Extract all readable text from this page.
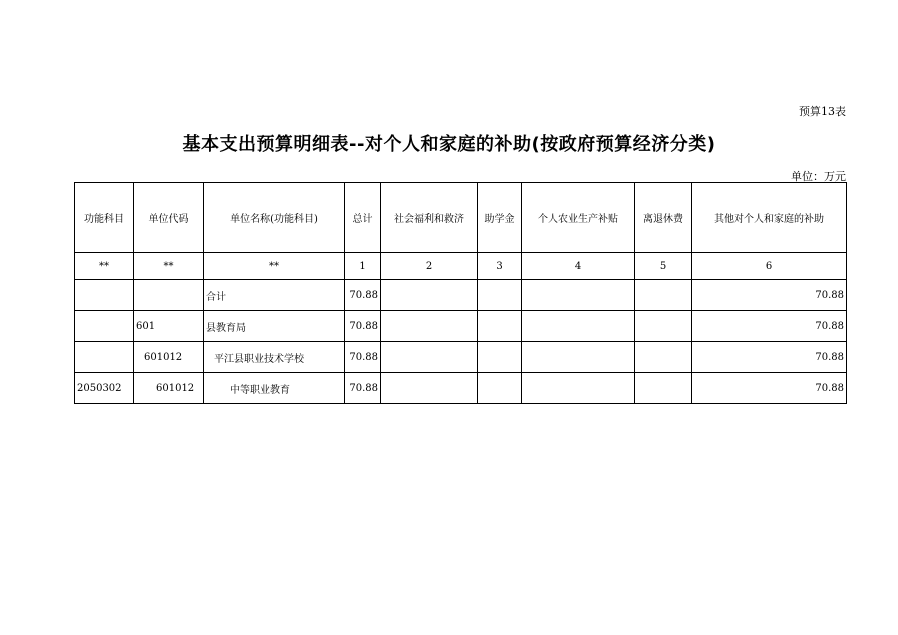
预算13表
基本支出预算明细表--对个人和家庭的补助(按政府预算经济分类)
单位：万元
功能科目	单位代码	单位名称(功能科目)	总计	社会福利和救济	助学金	个人农业生产补贴	离退休费	其他对个人和家庭的补助
**	**	**	1	2	3	4	5	6
		合计	70.88					70.88
	601	县教育局	70.88					70.88
	601012	平江县职业技术学校	70.88					70.88
2050302	601012	中等职业教育	70.88					70.88
